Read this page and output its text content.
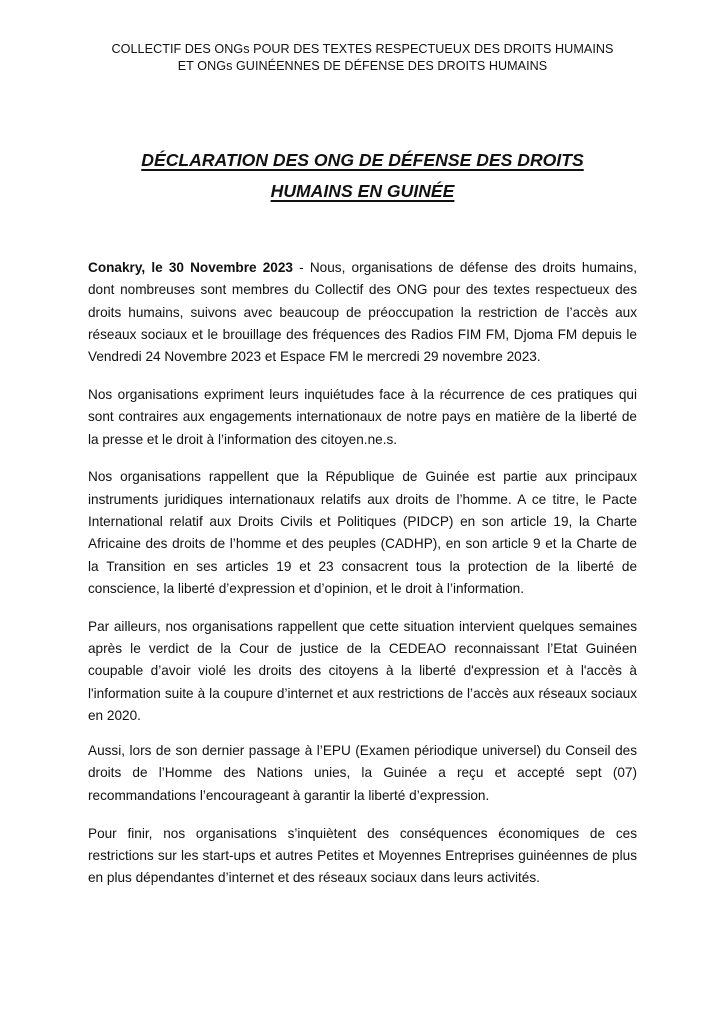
COLLECTIF DES ONGs POUR DES TEXTES RESPECTUEUX DES DROITS HUMAINS
ET ONGs GUINÉENNES DE DÉFENSE DES DROITS HUMAINS
DÉCLARATION DES ONG DE DÉFENSE DES DROITS
HUMAINS EN GUINÉE

Conakry, le 30 Novembre 2023 - Nous, organisations de défense des droits humains, dont nombreuses sont membres du Collectif des ONG pour des textes respectueux des droits humains, suivons avec beaucoup de préoccupation la restriction de l’accès aux réseaux sociaux et le brouillage des fréquences des Radios FIM FM, Djoma FM depuis le Vendredi 24 Novembre 2023 et Espace FM le mercredi 29 novembre 2023.

Nos organisations expriment leurs inquiétudes face à la récurrence de ces pratiques qui sont contraires aux engagements internationaux de notre pays en matière de la liberté de la presse et le droit à l’information des citoyen.ne.s.

Nos organisations rappellent que la République de Guinée est partie aux principaux instruments juridiques internationaux relatifs aux droits de l’homme. A ce titre, le Pacte International relatif aux Droits Civils et Politiques (PIDCP) en son article 19, la Charte Africaine des droits de l’homme et des peuples (CADHP), en son article 9 et la Charte de la Transition en ses articles 19 et 23 consacrent tous la protection de la liberté de conscience, la liberté d’expression et d’opinion, et le droit à l’information.

Par ailleurs, nos organisations rappellent que cette situation intervient quelques semaines après le verdict de la Cour de justice de la CEDEAO reconnaissant l’Etat Guinéen coupable d’avoir violé les droits des citoyens à la liberté d'expression et à l'accès à l'information suite à la coupure d’internet et aux restrictions de l’accès aux réseaux sociaux en 2020.

Aussi, lors de son dernier passage à l’EPU (Examen périodique universel) du Conseil des droits de l’Homme des Nations unies, la Guinée a reçu et accepté sept (07) recommandations l’encourageant à garantir la liberté d’expression.

Pour finir, nos organisations s’inquiètent des conséquences économiques de ces restrictions sur les start-ups et autres Petites et Moyennes Entreprises guinéennes de plus en plus dépendantes d’internet et des réseaux sociaux dans leurs activités.
